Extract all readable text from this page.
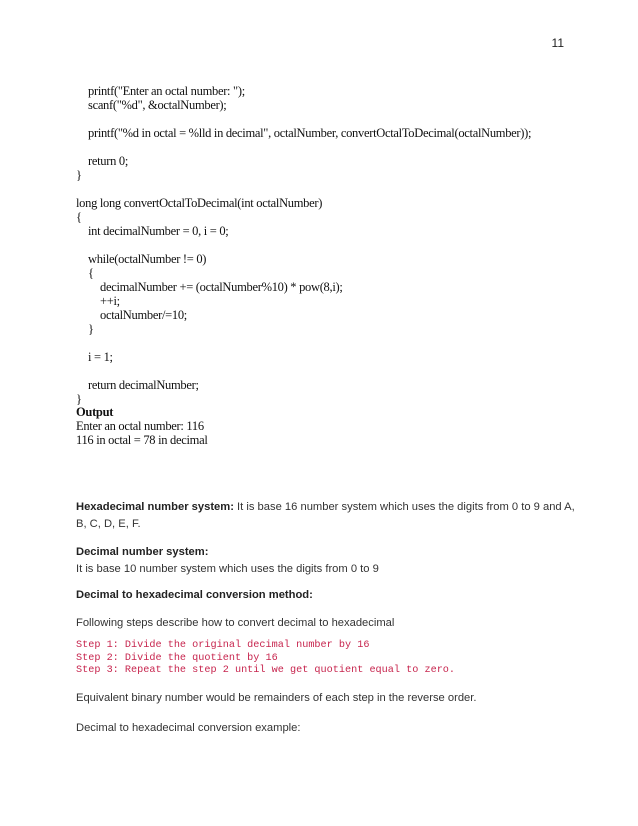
11
printf("Enter an octal number: ");
scanf("%d", &octalNumber);
printf("%d in octal = %lld in decimal", octalNumber, convertOctalToDecimal(octalNumber));
return 0;
}
long long convertOctalToDecimal(int octalNumber)
{
int decimalNumber = 0, i = 0;
while(octalNumber != 0)
{
decimalNumber += (octalNumber%10) * pow(8,i);
++i;
octalNumber/=10;
}
i = 1;
return decimalNumber;
}
Output
Enter an octal number: 116
116 in octal = 78 in decimal
Hexadecimal number system: It is base 16 number system which uses the digits from 0 to 9 and A, B, C, D, E, F.
Decimal number system:
It is base 10 number system which uses the digits from 0 to 9
Decimal to hexadecimal conversion method:
Following steps describe how to convert decimal to hexadecimal
Step 1: Divide the original decimal number by 16
Step 2: Divide the quotient by 16
Step 3: Repeat the step 2 until we get quotient equal to zero.
Equivalent binary number would be remainders of each step in the reverse order.
Decimal to hexadecimal conversion example:
